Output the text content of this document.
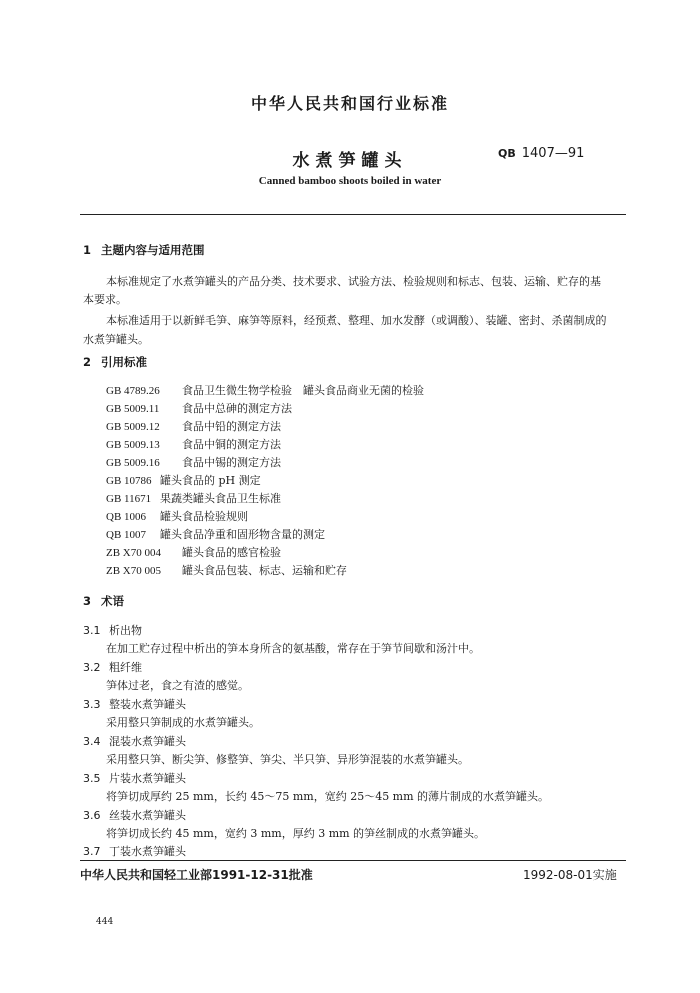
中华人民共和国行业标准
水煮笋罐头	QB 1407—91
Canned bamboo shoots boiled in water
1 主题内容与适用范围
本标准规定了水煮笋罐头的产品分类、技术要求、试验方法、检验规则和标志、包装、运输、贮存的基
本要求。
本标准适用于以新鲜毛笋、麻笋等原料，经预煮、整理、加水发酵（或调酸）、装罐、密封、杀菌制成的
水煮笋罐头。
2 引用标准
GB 4789.26 食品卫生微生物学检验　罐头食品商业无菌的检验
GB 5009.11 食品中总砷的测定方法
GB 5009.12 食品中铅的测定方法
GB 5009.13 食品中铜的测定方法
GB 5009.16 食品中锡的测定方法
GB 10786 罐头食品的 pH 测定
GB 11671 果蔬类罐头食品卫生标准
QB 1006 罐头食品检验规则
QB 1007 罐头食品净重和固形物含量的测定
ZB X70 004 罐头食品的感官检验
ZB X70 005 罐头食品包装、标志、运输和贮存
3 术语
3.1 析出物
在加工贮存过程中析出的笋本身所含的氨基酸，常存在于笋节间歇和汤汁中。
3.2 粗纤维
笋体过老，食之有渣的感觉。
3.3 整装水煮笋罐头
采用整只笋制成的水煮笋罐头。
3.4 混装水煮笋罐头
采用整只笋、断尖笋、修整笋、笋尖、半只笋、异形笋混装的水煮笋罐头。
3.5 片装水煮笋罐头
将笋切成厚约 25 mm，长约 45～75 mm，宽约 25～45 mm 的薄片制成的水煮笋罐头。
3.6 丝装水煮笋罐头
将笋切成长约 45 mm，宽约 3 mm，厚约 3 mm 的笋丝制成的水煮笋罐头。
3.7 丁装水煮笋罐头
中华人民共和国轻工业部1991-12-31批准	1992-08-01实施
444
